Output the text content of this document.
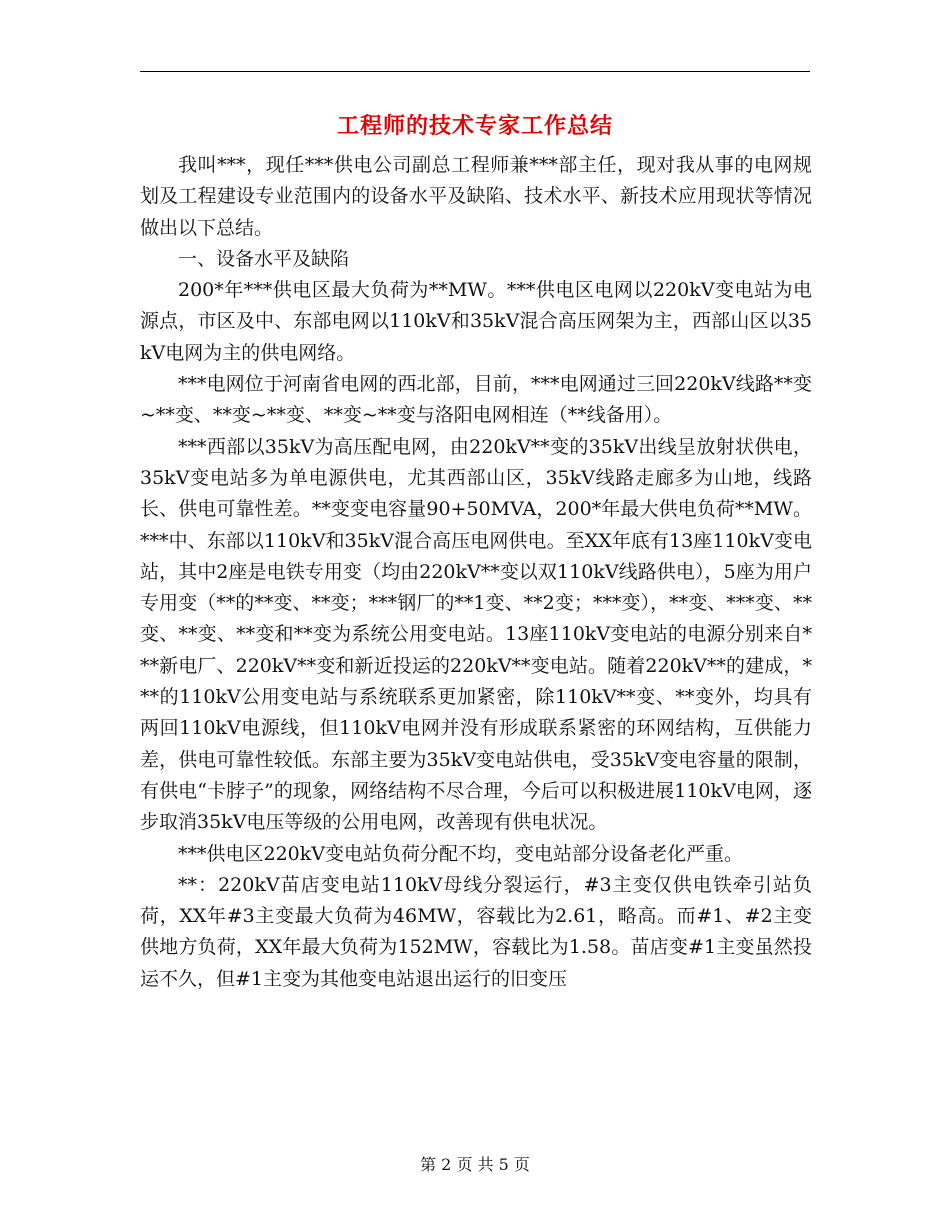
工程师的技术专家工作总结

我叫***，现任***供电公司副总工程师兼***部主任，现对我从事的电网规划及工程建设专业范围内的设备水平及缺陷、技术水平、新技术应用现状等情况做出以下总结。

一、设备水平及缺陷

200*年***供电区最大负荷为**MW。***供电区电网以220kV变电站为电源点，市区及中、东部电网以110kV和35kV混合高压网架为主，西部山区以35kV电网为主的供电网络。

***电网位于河南省电网的西北部，目前，***电网通过三回220kV线路**变~**变、**变~**变、**变~**变与洛阳电网相连（**线备用）。

***西部以35kV为高压配电网，由220kV**变的35kV出线呈放射状供电，35kV变电站多为单电源供电，尤其西部山区，35kV线路走廊多为山地，线路长、供电可靠性差。**变变电容量90+50MVA，200*年最大供电负荷**MW。***中、东部以110kV和35kV混合高压电网供电。至XX年底有13座110kV变电站，其中2座是电铁专用变（均由220kV**变以双110kV线路供电），5座为用户专用变（**的**变、**变；***钢厂的**1变、**2变；***变），**变、***变、**变、**变、**变和**变为系统公用变电站。13座110kV变电站的电源分别来自***新电厂、220kV**变和新近投运的220kV**变电站。随着220kV**的建成，***的110kV公用变电站与系统联系更加紧密，除110kV**变、**变外，均具有两回110kV电源线，但110kV电网并没有形成联系紧密的环网结构，互供能力差，供电可靠性较低。东部主要为35kV变电站供电，受35kV变电容量的限制，有供电“卡脖子”的现象，网络结构不尽合理，今后可以积极进展110kV电网，逐步取消35kV电压等级的公用电网，改善现有供电状况。

***供电区220kV变电站负荷分配不均，变电站部分设备老化严重。

**：220kV苗店变电站110kV母线分裂运行，#3主变仅供电铁牵引站负荷，XX年#3主变最大负荷为46MW，容载比为2.61，略高。而#1、#2主变供地方负荷，XX年最大负荷为152MW，容载比为1.58。苗店变#1主变虽然投运不久，但#1主变为其他变电站退出运行的旧变压

第 2 页 共 5 页
